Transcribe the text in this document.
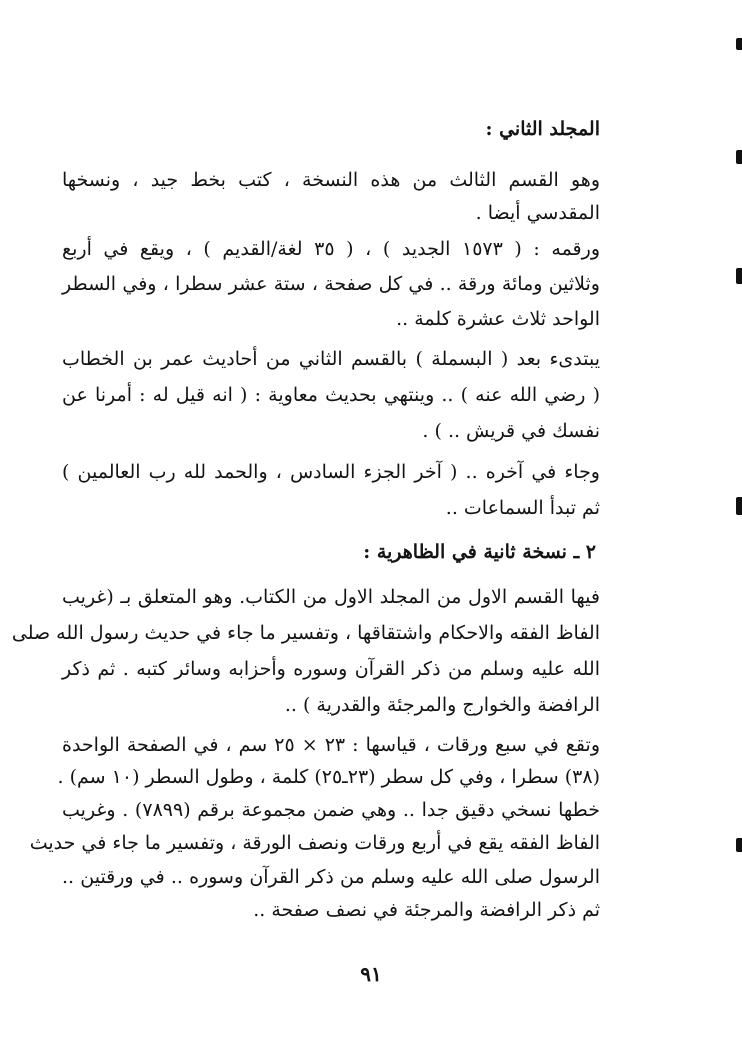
المجلد الثاني :
وهو القسم الثالث من هذه النسخة ، كتب بخط جيد ، ونسخها
المقدسي أيضا .
ورقمه : ( ١٥٧٣ الجديد ) ، ( ٣٥ لغة/القديم ) ، ويقع في أربع
وثلاثين ومائة ورقة .. في كل صفحة ، ستة عشر سطرا ، وفي السطر
الواحد ثلاث عشرة كلمة ..
يبتدىء بعد ( البسملة ) بالقسم الثاني من أحاديث عمر بن الخطاب
( رضي الله عنه ) .. وينتهي بحديث معاوية : ( انه قيل له : أمرنا عن
نفسك في قريش .. ) .
وجاء في آخره .. ( آخر الجزء السادس ، والحمد لله رب العالمين )
ثم تبدأ السماعات ..
٢ ـ نسخة ثانية في الظاهرية :
فيها القسم الاول من المجلد الاول من الكتاب. وهو المتعلق بـ (غريب
الفاظ الفقه والاحكام واشتقاقها ، وتفسير ما جاء في حديث رسول الله صلى
الله عليه وسلم من ذكر القرآن وسوره وأحزابه وسائر كتبه . ثم ذكر
الرافضة والخوارج والمرجئة والقدرية ) ..
وتقع في سبع ورقات ، قياسها : ٢٣ × ٢٥ سم ، في الصفحة الواحدة
(٣٨) سطرا ، وفي كل سطر (٢٣ـ٢٥) كلمة ، وطول السطر (١٠ سم) .
خطها نسخي دقيق جدا .. وهي ضمن مجموعة برقم (٧٨٩٩) . وغريب
الفاظ الفقه يقع في أربع ورقات ونصف الورقة ، وتفسير ما جاء في حديث
الرسول صلى الله عليه وسلم من ذكر القرآن وسوره .. في ورقتين ..
ثم ذكر الرافضة والمرجئة في نصف صفحة ..
٩١
